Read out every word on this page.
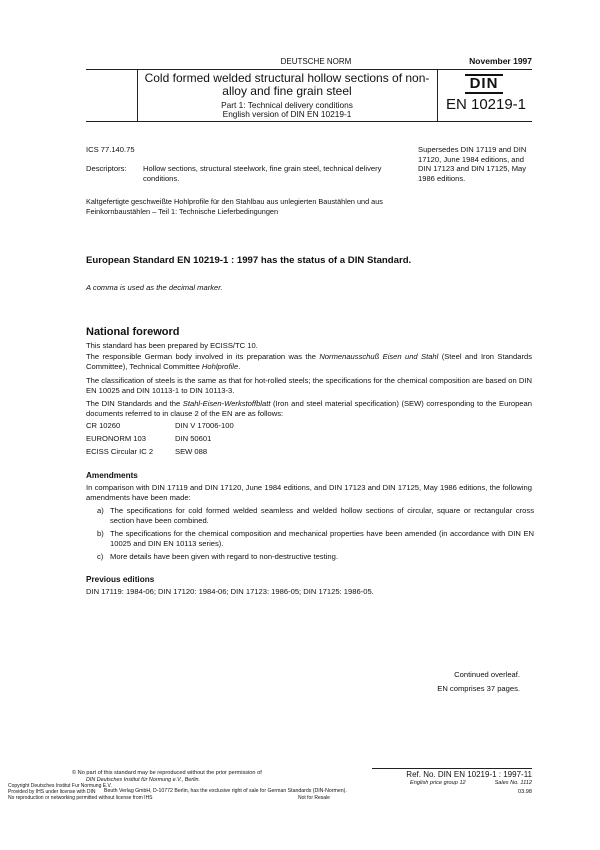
DEUTSCHE NORM	November 1997
Cold formed welded structural hollow sections of non-alloy and fine grain steel
Part 1: Technical delivery conditions
English version of DIN EN 10219-1
DIN
EN 10219-1
ICS 77.140.75
Descriptors: Hollow sections, structural steelwork, fine grain steel, technical delivery conditions.
Kaltgefertigte geschweißte Hohlprofile für den Stahlbau aus unlegierten Baustählen und aus Feinkornbaustählen – Teil 1: Technische Lieferbedingungen
Supersedes DIN 17119 and DIN 17120, June 1984 editions, and DIN 17123 and DIN 17125, May 1986 editions.
European Standard EN 10219-1 : 1997 has the status of a DIN Standard.
A comma is used as the decimal marker.
National foreword
This standard has been prepared by ECISS/TC 10.
The responsible German body involved in its preparation was the Normenausschuß Eisen und Stahl (Steel and Iron Standards Committee), Technical Committee Hohlprofile.
The classification of steels is the same as that for hot-rolled steels; the specifications for the chemical composition are based on DIN EN 10025 and DIN 10113-1 to DIN 10113-3.
The DIN Standards and the Stahl-Eisen-Werkstoffblatt (Iron and steel material specification) (SEW) corresponding to the European documents referred to in clause 2 of the EN are as follows:
CR 10260	DIN V 17006-100
EURONORM 103	DIN 50601
ECISS Circular IC 2	SEW 088
Amendments
In comparison with DIN 17119 and DIN 17120, June 1984 editions, and DIN 17123 and DIN 17125, May 1986 editions, the following amendments have been made:
a) The specifications for cold formed welded seamless and welded hollow sections of circular, square or rectangular cross section have been combined.
b) The specifications for the chemical composition and mechanical properties have been amended (in accordance with DIN EN 10025 and DIN EN 10113 series).
c) More details have been given with regard to non-destructive testing.
Previous editions
DIN 17119: 1984-06; DIN 17120: 1984-06; DIN 17123: 1986-05; DIN 17125: 1986-05.
Continued overleaf.
EN comprises 37 pages.
© No part of this standard may be reproduced without the prior permission of
DIN Deutsches Institut für Normung e.V., Berlin.
Copyright Deutsches Institut Fur Normung E.V.
Provided by IHS under license with DIN
No reproduction or networking permitted without license from IHS
Beuth Verlag GmbH, D-10772 Berlin, has the exclusive right of sale for German Standards (DIN-Normen).
Not for Resale
Ref. No. DIN EN 10219-1 : 1997-11
English price group 12	Sales No. 1112
03.98
